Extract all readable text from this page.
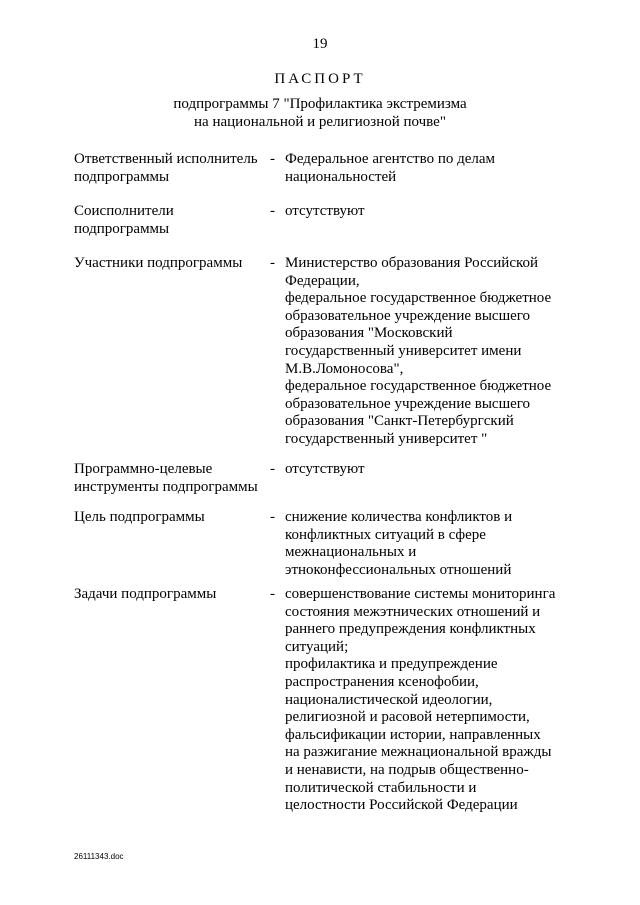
19
ПАСПОРТ
подпрограммы 7 "Профилактика экстремизма
на национальной и религиозной почве"
Ответственный исполнитель
подпрограммы
- Федеральное агентство по делам
национальностей
Соисполнители
подпрограммы
- отсутствуют
Участники подпрограммы	- Министерство образования Российской
Федерации,
федеральное государственное бюджетное
образовательное учреждение высшего
образования "Московский
государственный университет имени
М.В.Ломоносова",
федеральное государственное бюджетное
образовательное учреждение высшего
образования "Санкт-Петербургский
государственный университет "
Программно-целевые
инструменты подпрограммы
- отсутствуют
Цель подпрограммы	- снижение количества конфликтов и
конфликтных ситуаций в сфере
межнациональных и
этноконфессиональных отношений
Задачи подпрограммы	- совершенствование системы мониторинга
состояния межэтнических отношений и
раннего предупреждения конфликтных
ситуаций;
профилактика и предупреждение
распространения ксенофобии,
националистической идеологии,
религиозной и расовой нетерпимости,
фальсификации истории, направленных
на разжигание межнациональной вражды
и ненависти, на подрыв общественно-
политической стабильности и
целостности Российской Федерации
26111343.doc
